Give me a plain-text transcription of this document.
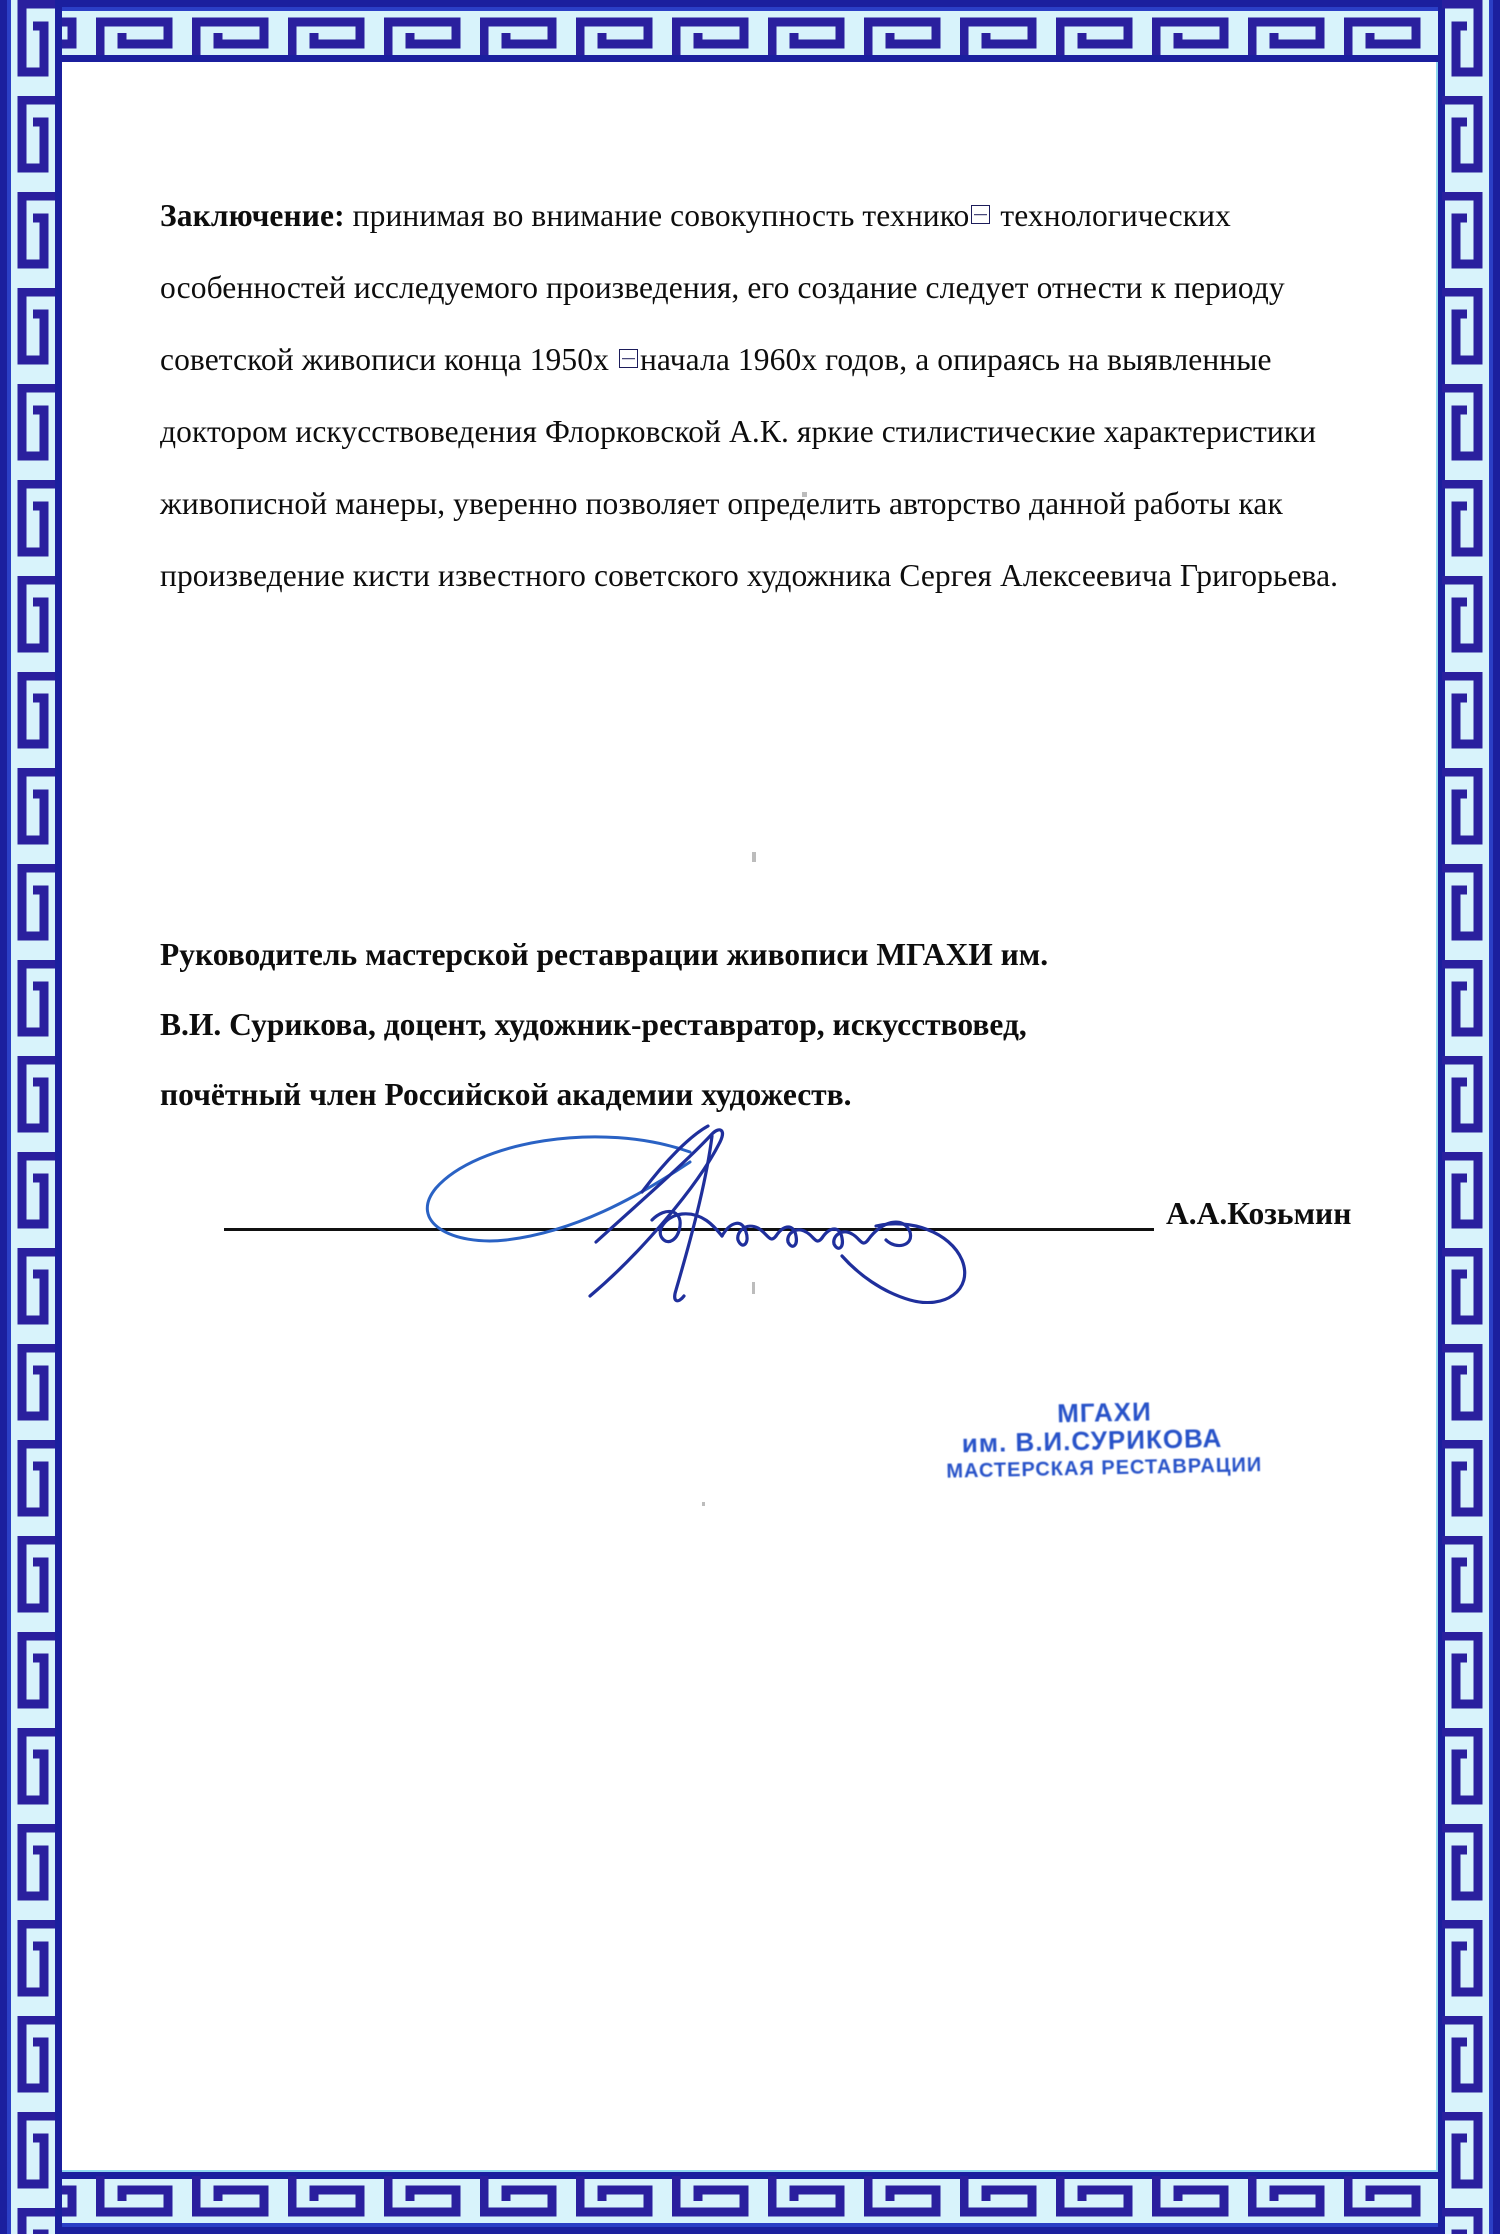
Заключение: принимая во внимание совокупность технико технологических особенностей исследуемого произведения, его создание следует отнести к периоду советской живописи конца 1950х начала 1960х годов, а опираясь на выявленные доктором искусствоведения Флорковской А.К. яркие стилистические характеристики живописной манеры, уверенно позволяет определить авторство данной работы как произведение кисти известного советского художника Сергея Алексеевича Григорьева.

Руководитель мастерской реставрации живописи МГАХИ им.

В.И. Сурикова, доцент, художник-реставратор, искусствовед,

почётный член Российской академии художеств.

А.А.Козьмин
МГАХИ
им. В.И.СУРИКОВА
МАСТЕРСКАЯ РЕСТАВРАЦИИ
